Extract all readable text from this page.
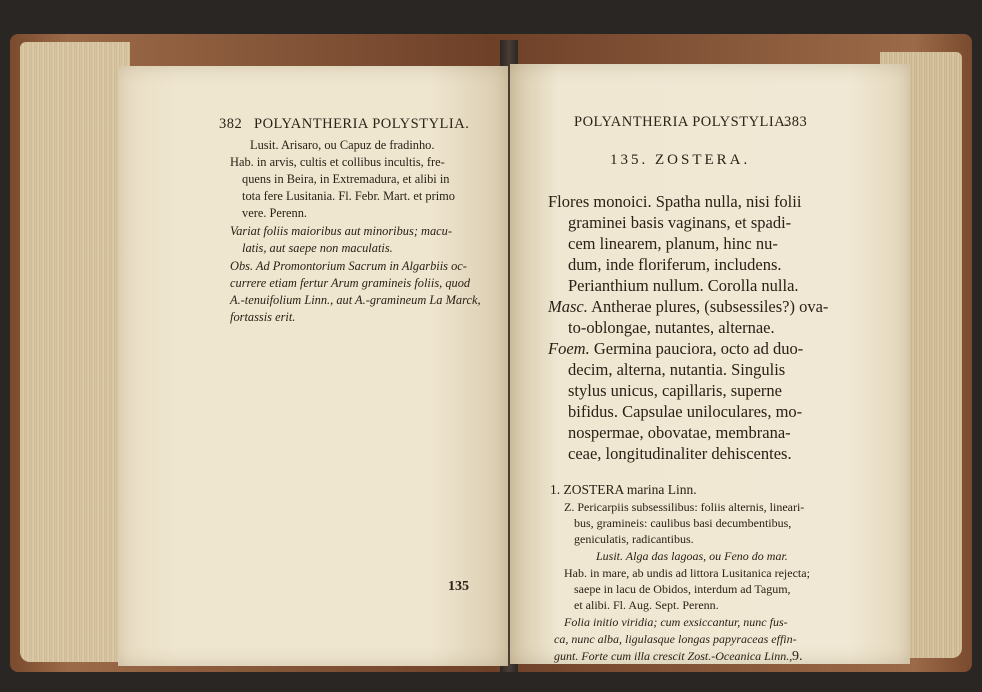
382 POLYANTHERIA POLYSTYLIA.
Lusit. Arisaro, ou Capuz de fradinho.
Hab. in arvis, cultis et collibus incultis, fre-
quens in Beira, in Extremadura, et alibi in
tota fere Lusitania. Fl. Febr. Mart. et primo
vere. Perenn.
Variat foliis maioribus aut minoribus; macu-
latis, aut saepe non maculatis.
Obs. Ad Promontorium Sacrum in Algarbiis oc-
currere etiam fertur Arum gramineis foliis, quod
A.-tenuifolium Linn., aut A.-gramineum La Marck,
fortassis erit.
135
POLYANTHERIA POLYSTYLIA.
383
135. ZOSTERA.
Flores monoici. Spatha nulla, nisi folii
graminei basis vaginans, et spadi-
cem linearem, planum, hinc nu-
dum, inde floriferum, includens.
Perianthium nullum. Corolla nulla.
Masc. Antherae plures, (subsessiles?) ova-
to-oblongae, nutantes, alternae.
Foem. Germina pauciora, octo ad duo-
decim, alterna, nutantia. Singulis
stylus unicus, capillaris, superne
bifidus. Capsulae uniloculares, mo-
nospermae, obovatae, membrana-
ceae, longitudinaliter dehiscentes.
1. ZOSTERA marina Linn.
Z. Pericarpiis subsessilibus: foliis alternis, lineari-
bus, gramineis: caulibus basi decumbentibus,
geniculatis, radicantibus.
Lusit. Alga das lagoas, ou Feno do mar.
Hab. in mare, ab undis ad littora Lusitanica rejecta;
saepe in lacu de Obidos, interdum ad Tagum,
et alibi. Fl. Aug. Sept. Perenn.
Folia initio viridia; cum exsiccantur, nunc fus-
ca, nunc alba, ligulasque longas papyraceas effin-
gunt. Forte cum illa crescit Zost.-Oceanica Linn., 9.
